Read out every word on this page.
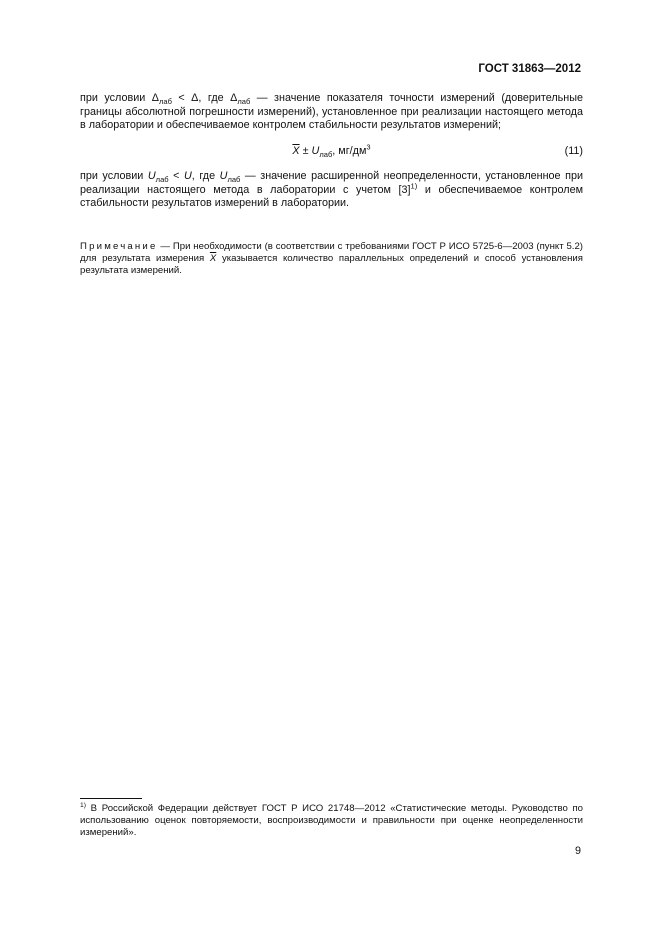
ГОСТ 31863—2012
при условии $\Delta_{лаб} < \Delta$, где $\Delta_{лаб}$ — значение показателя точности измерений (доверительные границы абсолютной погрешности измерений), установленное при реализации настоящего метода в лаборатории и обеспечиваемое контролем стабильности результатов измерений;
$\overline{X} \pm U_{лаб}$, $мг/дм^3$	(11)
при условии $U_{лаб} < U$, где $U_{лаб}$ — значение расширенной неопределенности, установленное при реализации настоящего метода в лаборатории с учетом $[3]^{1)}$ и обеспечиваемое контролем стабильности результатов измерений в лаборатории.
Примечание — При необходимости (в соответствии с требованиями ГОСТ Р ИСО 5725-6—2003 (пункт 5.2) для результата измерения $\overline{X}$ указывается количество параллельных определений и способ установления результата измерений.
$^{1)}$ В Российской Федерации действует ГОСТ Р ИСО 21748—2012 «Статистические методы. Руководство по использованию оценок повторяемости, воспроизводимости и правильности при оценке неопределенности измерений».
9
